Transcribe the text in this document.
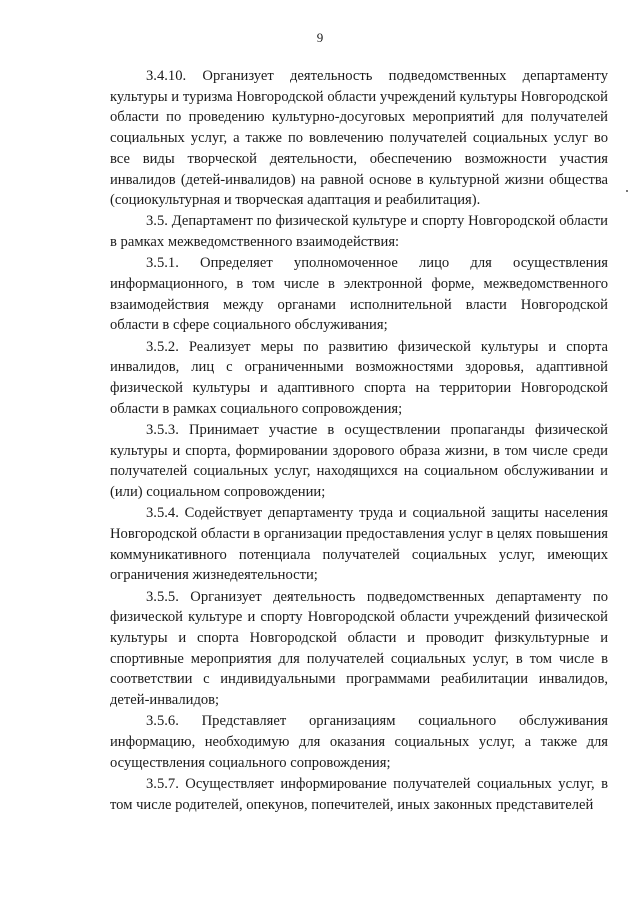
9

3.4.10. Организует деятельность подведомственных департаменту культуры и туризма Новгородской области учреждений культуры Новгородской области по проведению культурно-досуговых мероприятий для получателей социальных услуг, а также по вовлечению получателей социальных услуг во все виды творческой деятельности, обеспечению возможности участия инвалидов (детей-инвалидов) на равной основе в культурной жизни общества (социокультурная и творческая адаптация и реабилитация).

3.5. Департамент по физической культуре и спорту Новгородской области в рамках межведомственного взаимодействия:

3.5.1. Определяет уполномоченное лицо для осуществления информационного, в том числе в электронной форме, межведомственного взаимодействия между органами исполнительной власти Новгородской области в сфере социального обслуживания;

3.5.2. Реализует меры по развитию физической культуры и спорта инвалидов, лиц с ограниченными возможностями здоровья, адаптивной физической культуры и адаптивного спорта на территории Новгородской области в рамках социального сопровождения;

3.5.3. Принимает участие в осуществлении пропаганды физической культуры и спорта, формировании здорового образа жизни, в том числе среди получателей социальных услуг, находящихся на социальном обслуживании и (или) социальном сопровождении;

3.5.4. Содействует департаменту труда и социальной защиты населения Новгородской области в организации предоставления услуг в целях повышения коммуникативного потенциала получателей социальных услуг, имеющих ограничения жизнедеятельности;

3.5.5. Организует деятельность подведомственных департаменту по физической культуре и спорту Новгородской области учреждений физической культуры и спорта Новгородской области и проводит физкультурные и спортивные мероприятия для получателей социальных услуг, в том числе в соответствии с индивидуальными программами реабилитации инвалидов, детей-инвалидов;

3.5.6. Представляет организациям социального обслуживания информацию, необходимую для оказания социальных услуг, а также для осуществления социального сопровождения;

3.5.7. Осуществляет информирование получателей социальных услуг, в том числе родителей, опекунов, попечителей, иных законных представителей
